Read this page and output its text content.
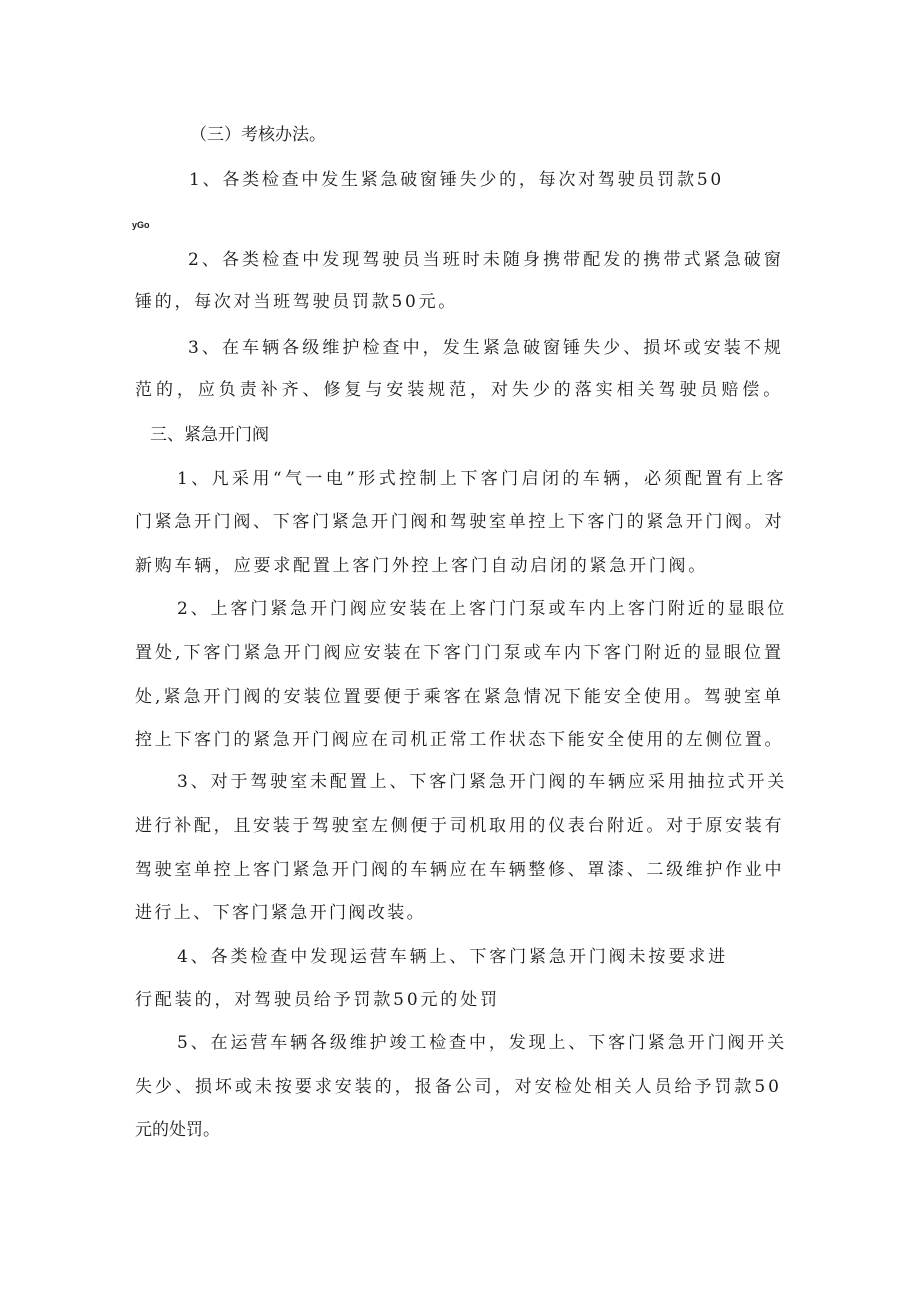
（三）考核办法。
1、各类检查中发生紧急破窗锤失少的，每次对驾驶员罚款50
yGo
2、各类检查中发现驾驶员当班时未随身携带配发的携带式紧急破窗
锤的，每次对当班驾驶员罚款50元。
3、在车辆各级维护检查中，发生紧急破窗锤失少、损坏或安装不规
范的，应负责补齐、修复与安装规范，对失少的落实相关驾驶员赔偿。
三、紧急开门阀
1、凡采用“气一电”形式控制上下客门启闭的车辆，必须配置有上客
门紧急开门阀、下客门紧急开门阀和驾驶室单控上下客门的紧急开门阀。对
新购车辆，应要求配置上客门外控上客门自动启闭的紧急开门阀。
2、上客门紧急开门阀应安装在上客门门泵或车内上客门附近的显眼位
置处,下客门紧急开门阀应安装在下客门门泵或车内下客门附近的显眼位置
处,紧急开门阀的安装位置要便于乘客在紧急情况下能安全使用。驾驶室单
控上下客门的紧急开门阀应在司机正常工作状态下能安全使用的左侧位置。
3、对于驾驶室未配置上、下客门紧急开门阀的车辆应采用抽拉式开关
进行补配，且安装于驾驶室左侧便于司机取用的仪表台附近。对于原安装有
驾驶室单控上客门紧急开门阀的车辆应在车辆整修、罩漆、二级维护作业中
进行上、下客门紧急开门阀改装。
4、各类检查中发现运营车辆上、下客门紧急开门阀未按要求进
行配装的，对驾驶员给予罚款50元的处罚
5、在运营车辆各级维护竣工检查中，发现上、下客门紧急开门阀开关
失少、损坏或未按要求安装的，报备公司，对安检处相关人员给予罚款50
元的处罚。
